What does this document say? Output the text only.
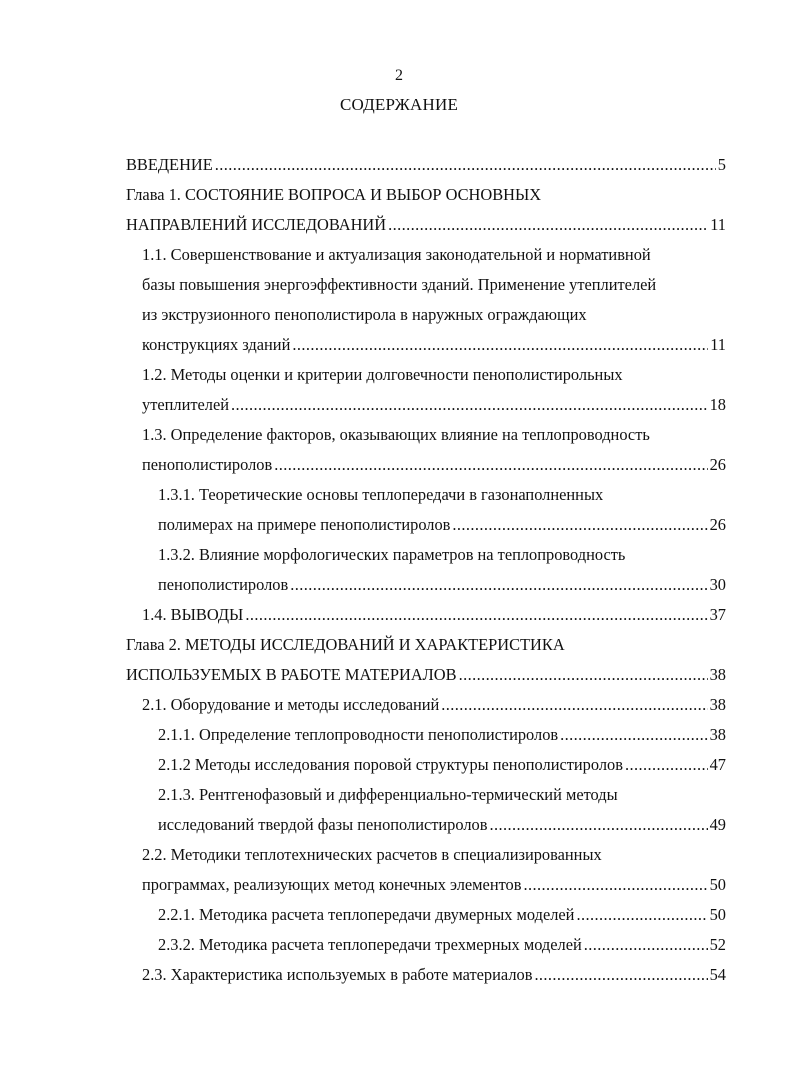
2
СОДЕРЖАНИЕ
ВВЕДЕНИЕ .....	5
Глава 1. СОСТОЯНИЕ ВОПРОСА И ВЫБОР ОСНОВНЫХ
НАПРАВЛЕНИЙ ИССЛЕДОВАНИЙ .....	11
1.1. Совершенствование и актуализация законодательной и нормативной
базы повышения энергоэффективности зданий. Применение утеплителей
из экструзионного пенополистирола в наружных ограждающих
конструкциях зданий .....	11
1.2. Методы оценки и критерии долговечности пенополистирольных
утеплителей .....	18
1.3. Определение факторов, оказывающих влияние на теплопроводность
пенополистиролов .....	26
1.3.1. Теоретические основы теплопередачи в газонаполненных
полимерах на примере пенополистиролов .....	26
1.3.2. Влияние морфологических параметров на теплопроводность
пенополистиролов .....	30
1.4. ВЫВОДЫ .....	37
Глава 2. МЕТОДЫ ИССЛЕДОВАНИЙ И ХАРАКТЕРИСТИКА
ИСПОЛЬЗУЕМЫХ В РАБОТЕ МАТЕРИАЛОВ .....	38
2.1. Оборудование и методы исследований .....	38
2.1.1. Определение теплопроводности пенополистиролов .....	38
2.1.2 Методы исследования поровой структуры пенополистиролов .....	47
2.1.3. Рентгенофазовый и дифференциально-термический методы
исследований твердой фазы пенополистиролов .....	49
2.2. Методики теплотехнических расчетов в специализированных
программах, реализующих метод конечных элементов .....	50
2.2.1. Методика расчета теплопередачи двумерных моделей .....	50
2.3.2. Методика расчета теплопередачи трехмерных моделей .....	52
2.3. Характеристика используемых в работе материалов .....	54
